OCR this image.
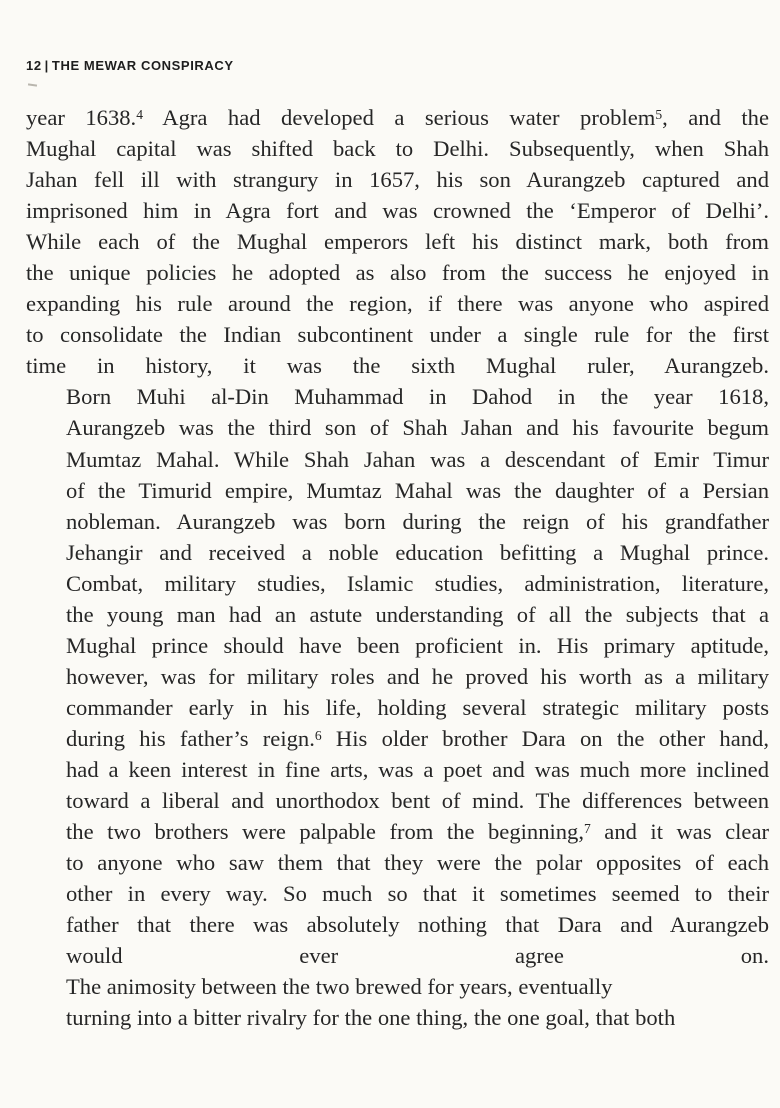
12 | THE MEWAR CONSPIRACY

year 1638.$^4$ Agra had developed a serious water problem$^5$, and the
Mughal capital was shifted back to Delhi. Subsequently, when Shah
Jahan fell ill with strangury in 1657, his son Aurangzeb captured and
imprisoned him in Agra fort and was crowned the ‘Emperor of Delhi’.
While each of the Mughal emperors left his distinct mark, both from
the unique policies he adopted as also from the success he enjoyed in
expanding his rule around the region, if there was anyone who aspired
to consolidate the Indian subcontinent under a single rule for the first
time in history, it was the sixth Mughal ruler, Aurangzeb.

Born Muhi al-Din Muhammad in Dahod in the year 1618,
Aurangzeb was the third son of Shah Jahan and his favourite begum
Mumtaz Mahal. While Shah Jahan was a descendant of Emir Timur
of the Timurid empire, Mumtaz Mahal was the daughter of a Persian
nobleman. Aurangzeb was born during the reign of his grandfather
Jehangir and received a noble education befitting a Mughal prince.
Combat, military studies, Islamic studies, administration, literature,
the young man had an astute understanding of all the subjects that a
Mughal prince should have been proficient in. His primary aptitude,
however, was for military roles and he proved his worth as a military
commander early in his life, holding several strategic military posts
during his father’s reign.$^6$ His older brother Dara on the other hand,
had a keen interest in fine arts, was a poet and was much more inclined
toward a liberal and unorthodox bent of mind. The differences between
the two brothers were palpable from the beginning,$^7$ and it was clear
to anyone who saw them that they were the polar opposites of each
other in every way. So much so that it sometimes seemed to their
father that there was absolutely nothing that Dara and Aurangzeb
would ever agree on.

The animosity between the two brewed for years, eventually
turning into a bitter rivalry for the one thing, the one goal, that both
